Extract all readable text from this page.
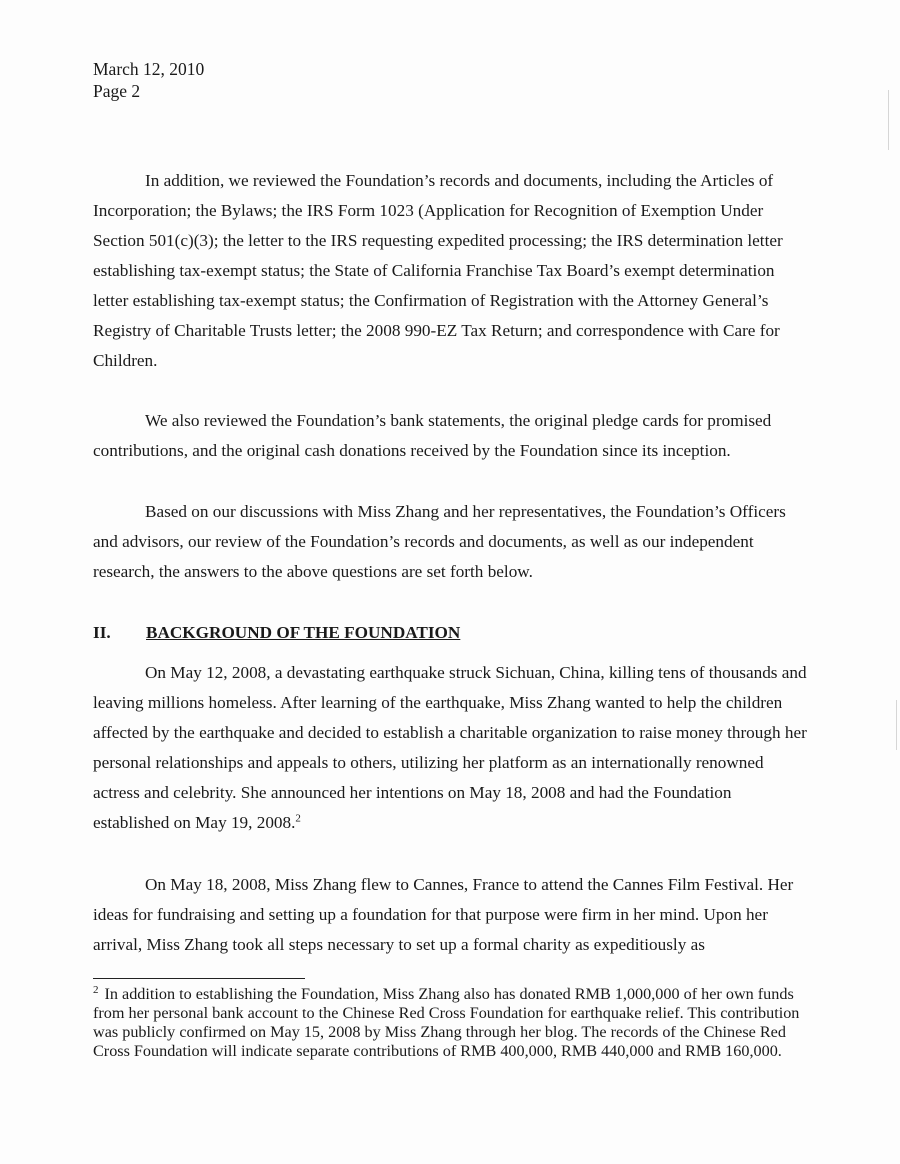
March 12, 2010
Page 2

In addition, we reviewed the Foundation’s records and documents, including the Articles of Incorporation; the Bylaws; the IRS Form 1023 (Application for Recognition of Exemption Under Section 501(c)(3); the letter to the IRS requesting expedited processing; the IRS determination letter establishing tax-exempt status; the State of California Franchise Tax Board’s exempt determination letter establishing tax-exempt status; the Confirmation of Registration with the Attorney General’s Registry of Charitable Trusts letter; the 2008 990-EZ Tax Return; and correspondence with Care for Children.

We also reviewed the Foundation’s bank statements, the original pledge cards for promised contributions, and the original cash donations received by the Foundation since its inception.

Based on our discussions with Miss Zhang and her representatives, the Foundation’s Officers and advisors, our review of the Foundation’s records and documents, as well as our independent research, the answers to the above questions are set forth below.

II. BACKGROUND OF THE FOUNDATION

On May 12, 2008, a devastating earthquake struck Sichuan, China, killing tens of thousands and leaving millions homeless. After learning of the earthquake, Miss Zhang wanted to help the children affected by the earthquake and decided to establish a charitable organization to raise money through her personal relationships and appeals to others, utilizing her platform as an internationally renowned actress and celebrity. She announced her intentions on May 18, 2008 and had the Foundation established on May 19, 2008.$^2$

On May 18, 2008, Miss Zhang flew to Cannes, France to attend the Cannes Film Festival. Her ideas for fundraising and setting up a foundation for that purpose were firm in her mind. Upon her arrival, Miss Zhang took all steps necessary to set up a formal charity as expeditiously as

$^2$ In addition to establishing the Foundation, Miss Zhang also has donated RMB 1,000,000 of her own funds from her personal bank account to the Chinese Red Cross Foundation for earthquake relief. This contribution was publicly confirmed on May 15, 2008 by Miss Zhang through her blog. The records of the Chinese Red Cross Foundation will indicate separate contributions of RMB 400,000, RMB 440,000 and RMB 160,000.
